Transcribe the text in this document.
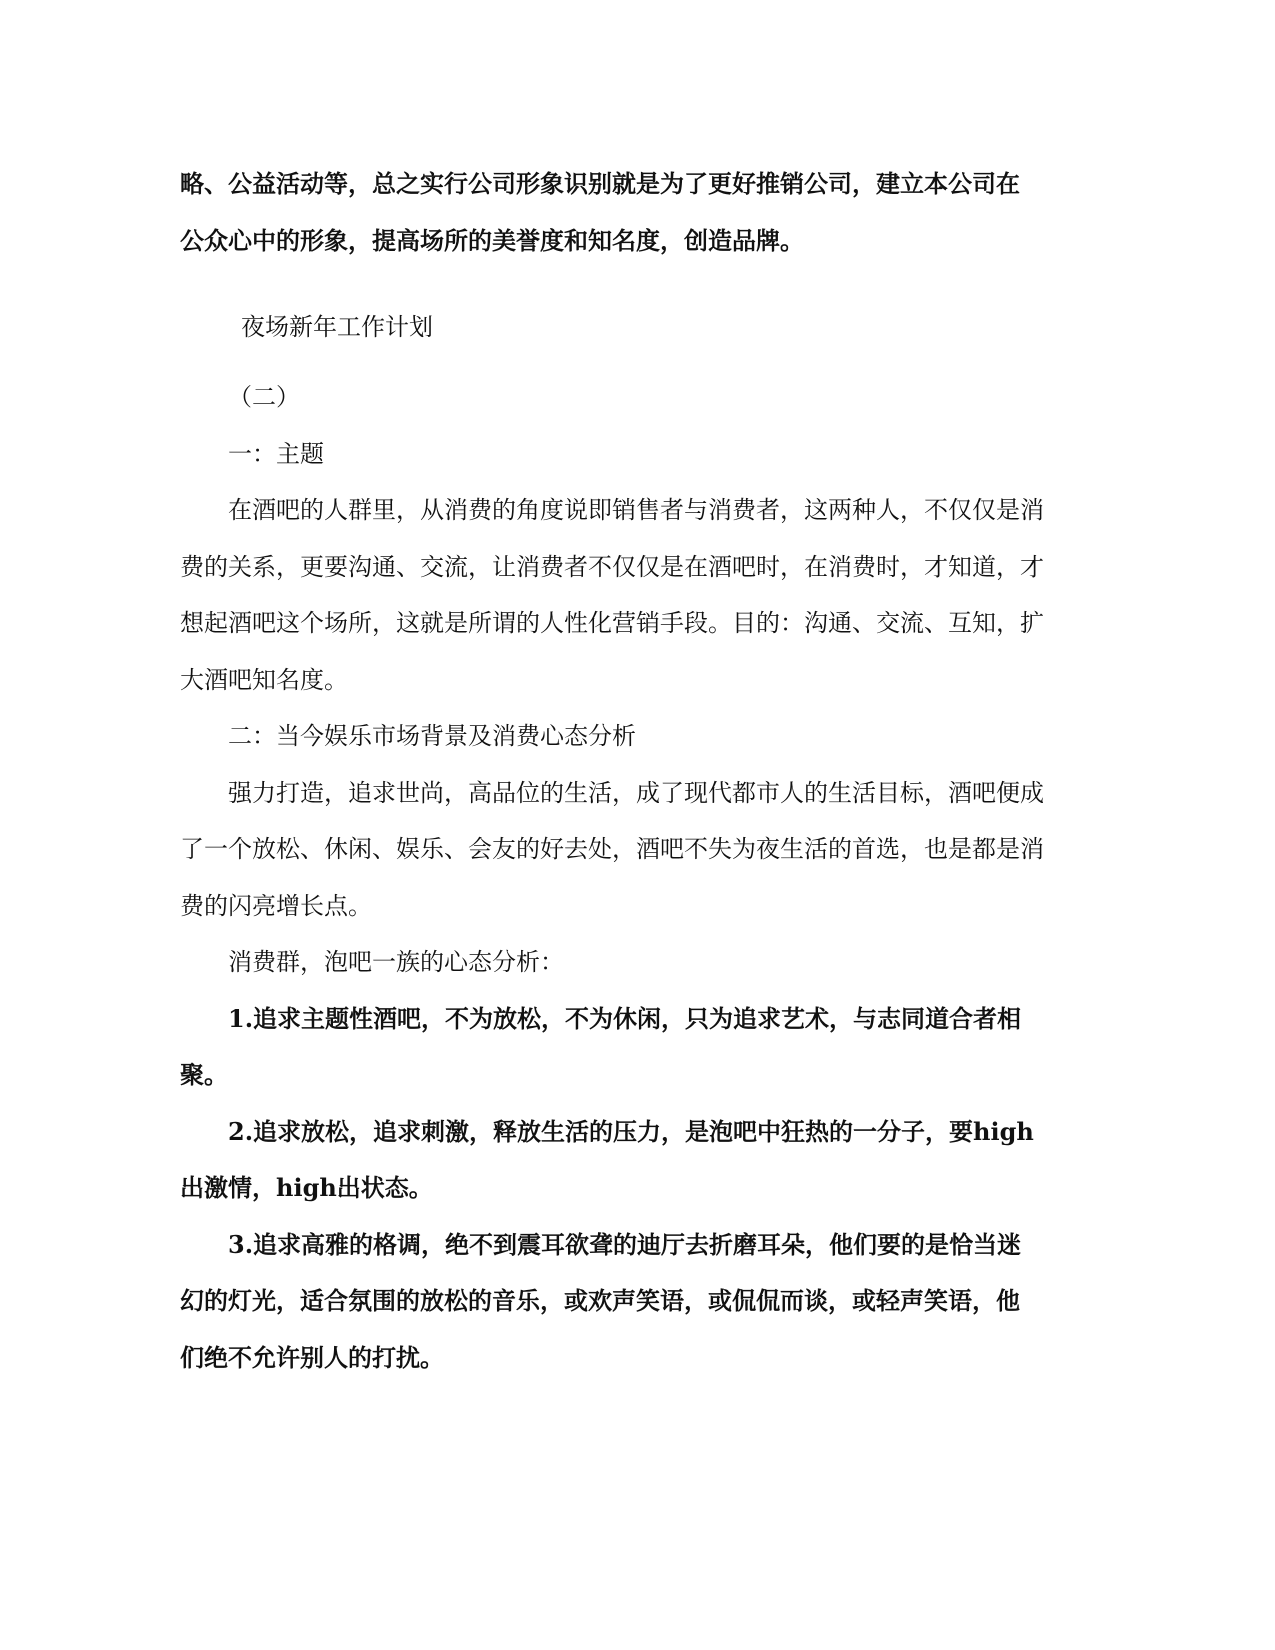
略、公益活动等，总之实行公司形象识别就是为了更好推销公司，建立本公司在
公众心中的形象，提高场所的美誉度和知名度，创造品牌。
夜场新年工作计划
（二）
一：主题
在酒吧的人群里，从消费的角度说即销售者与消费者，这两种人，不仅仅是消
费的关系，更要沟通、交流，让消费者不仅仅是在酒吧时，在消费时，才知道，才
想起酒吧这个场所，这就是所谓的人性化营销手段。目的：沟通、交流、互知，扩
大酒吧知名度。
二：当今娱乐市场背景及消费心态分析
强力打造，追求世尚，高品位的生活，成了现代都市人的生活目标，酒吧便成
了一个放松、休闲、娱乐、会友的好去处，酒吧不失为夜生活的首选，也是都是消
费的闪亮增长点。
消费群，泡吧一族的心态分析：
1.追求主题性酒吧，不为放松，不为休闲，只为追求艺术，与志同道合者相
聚。
2.追求放松，追求刺激，释放生活的压力，是泡吧中狂热的一分子，要high
出激情，high出状态。
3.追求高雅的格调，绝不到震耳欲聋的迪厅去折磨耳朵，他们要的是恰当迷
幻的灯光，适合氛围的放松的音乐，或欢声笑语，或侃侃而谈，或轻声笑语，他
们绝不允许别人的打扰。
